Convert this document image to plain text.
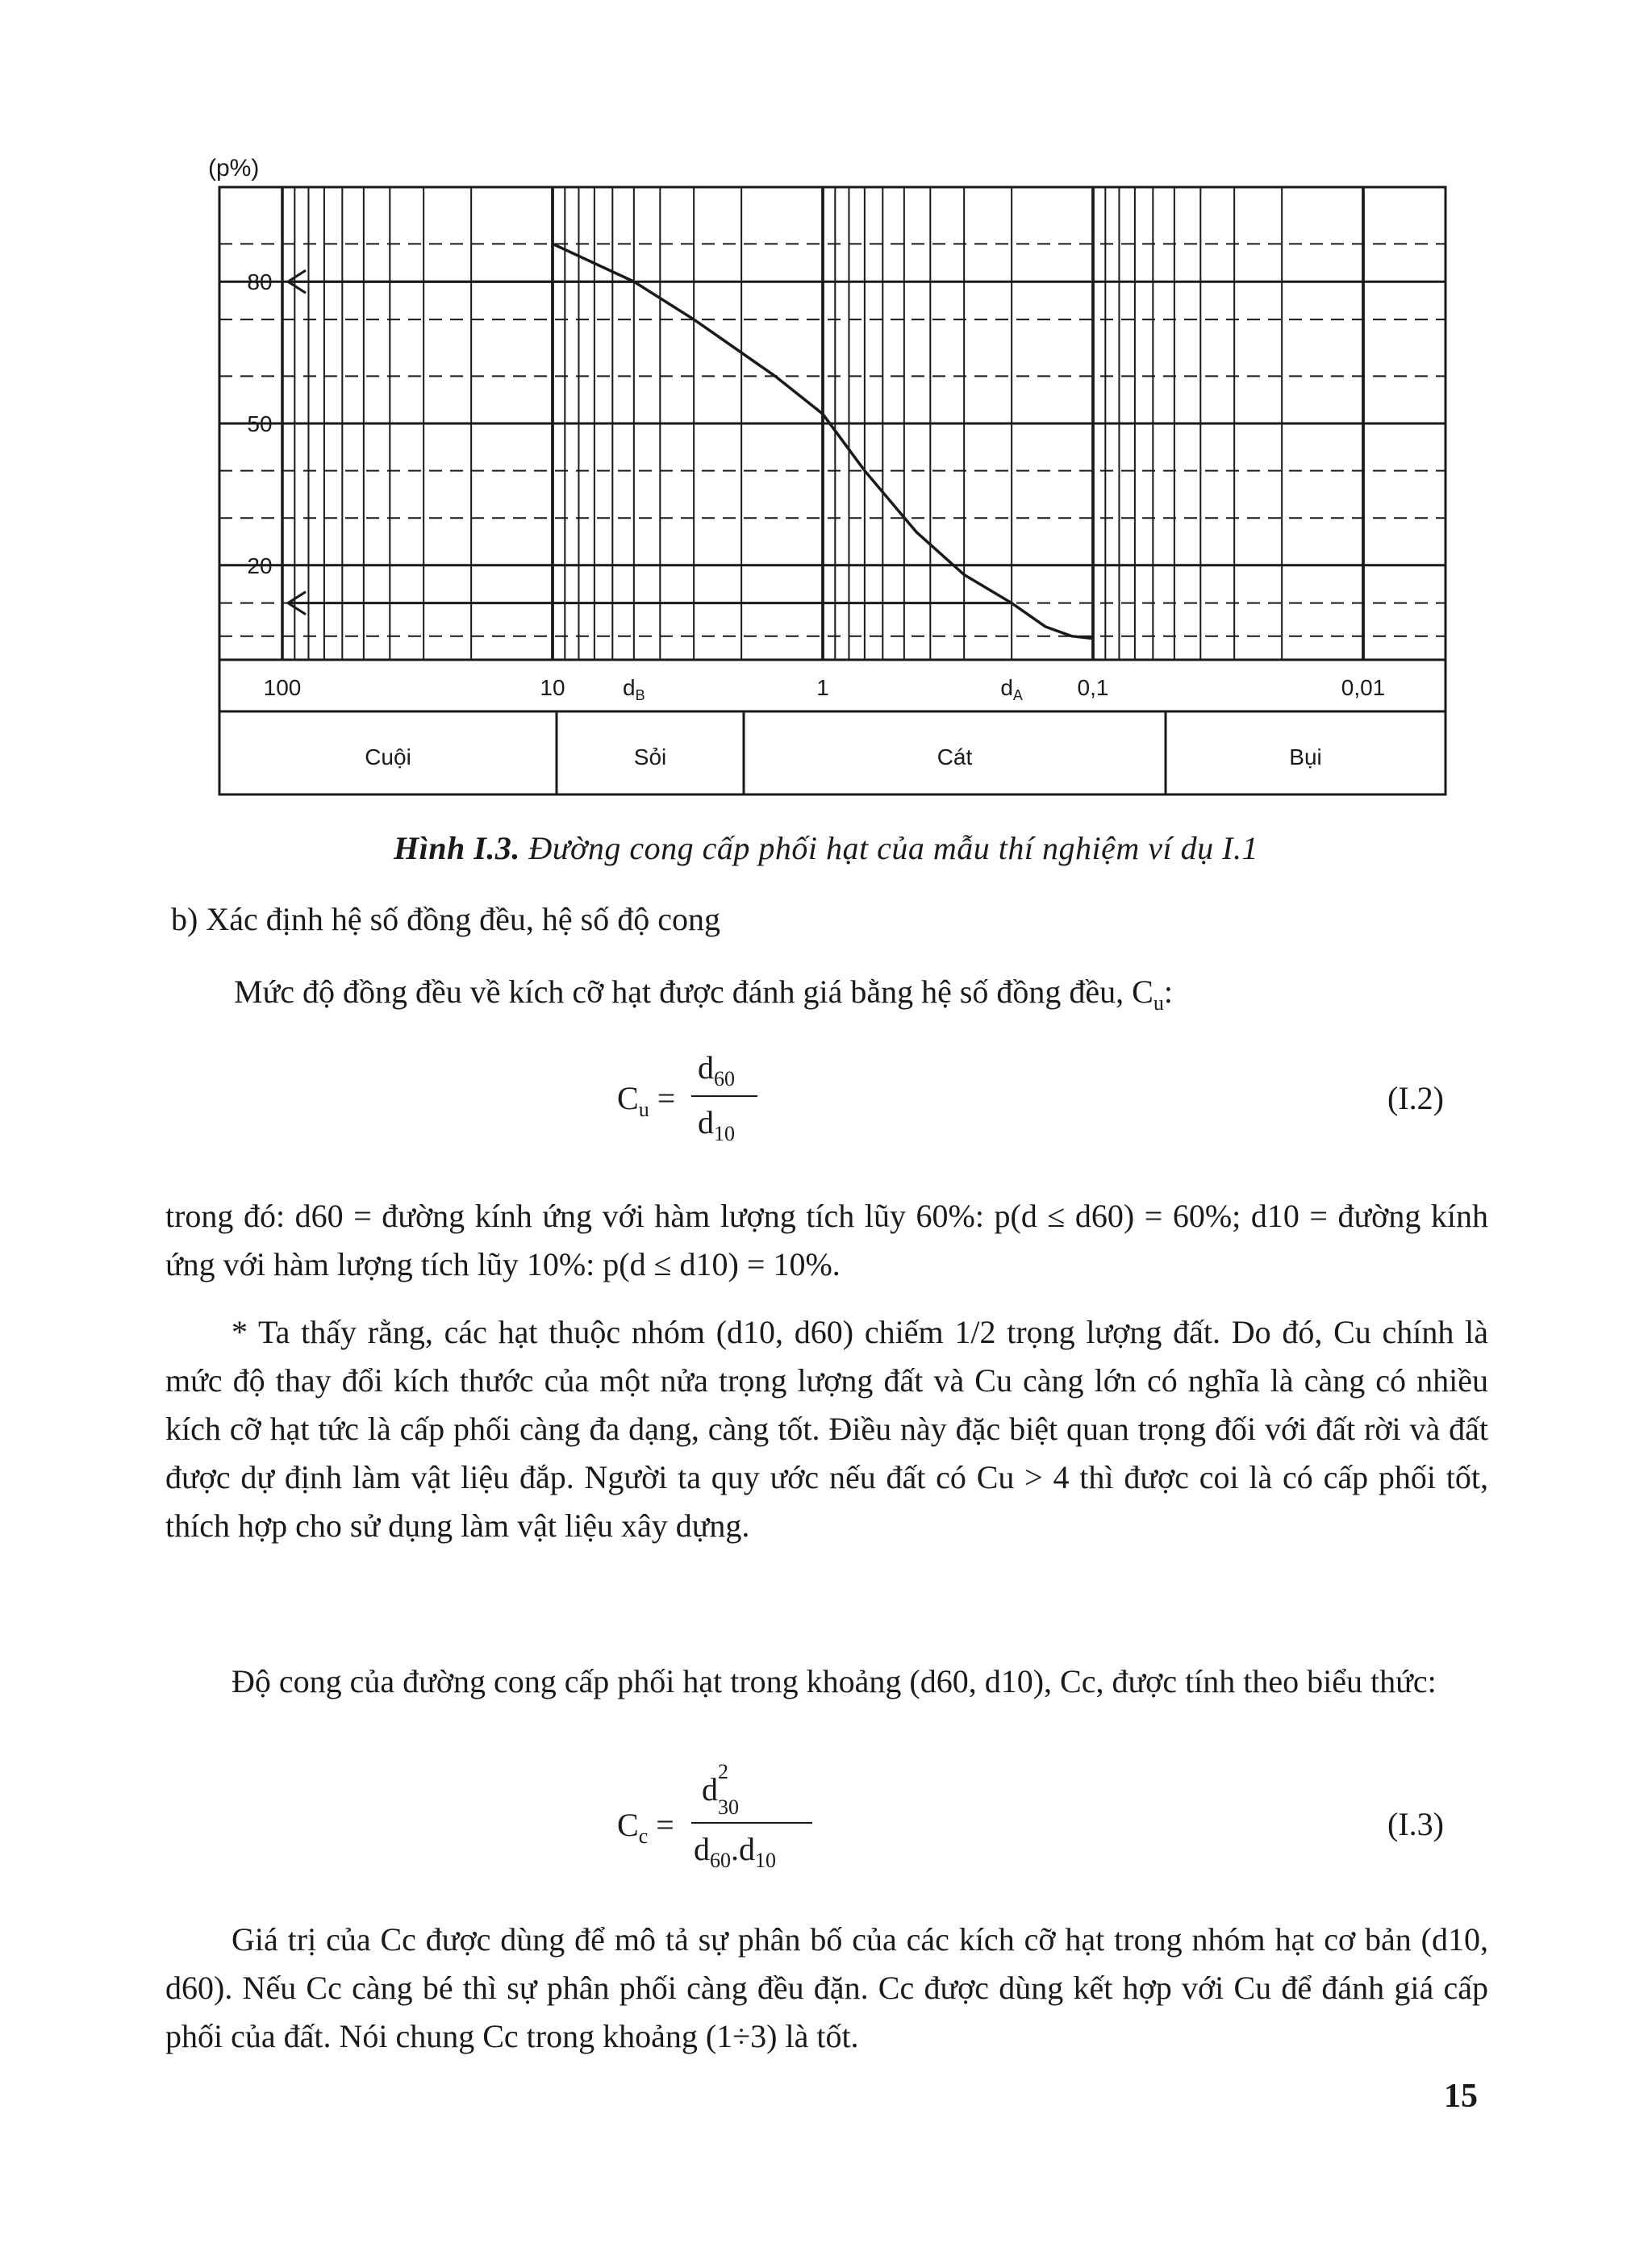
(p%)
100	10	$d_B$	1	$d_A$ 0,1	0,01
80
50
20
Cuội	Sỏi	Cát	Bụi
Hình I.3. Đường cong cấp phối hạt của mẫu thí nghiệm ví dụ I.1

b) Xác định hệ số đồng đều, hệ số độ cong

Mức độ đồng đều về kích cỡ hạt được đánh giá bằng hệ số đồng đều, $C_u$:

$C_u$ =
$d_{60}$
$d_{10}$
(I.2)

trong đó: d60 = đường kính ứng với hàm lượng tích lũy 60%: p(d ≤ d60) = 60%; d10 = đường kính ứng với hàm lượng tích lũy 10%: p(d ≤ d10) = 10%.

* Ta thấy rằng, các hạt thuộc nhóm (d10, d60) chiếm 1/2 trọng lượng đất. Do đó, Cu chính là mức độ thay đổi kích thước của một nửa trọng lượng đất và Cu càng lớn có nghĩa là càng có nhiều kích cỡ hạt tức là cấp phối càng đa dạng, càng tốt. Điều này đặc biệt quan trọng đối với đất rời và đất được dự định làm vật liệu đắp. Người ta quy ước nếu đất có Cu > 4 thì được coi là có cấp phối tốt, thích hợp cho sử dụng làm vật liệu xây dựng.

Độ cong của đường cong cấp phối hạt trong khoảng (d60, d10), Cc, được tính theo biểu thức:

$C_c$ =
d 2
$_{30}$
$d_{60}.d_{10}$
(I.3)

Giá trị của Cc được dùng để mô tả sự phân bố của các kích cỡ hạt trong nhóm hạt cơ bản (d10, d60). Nếu Cc càng bé thì sự phân phối càng đều đặn. Cc được dùng kết hợp với Cu để đánh giá cấp phối của đất. Nói chung Cc trong khoảng (1÷3) là tốt.

15
